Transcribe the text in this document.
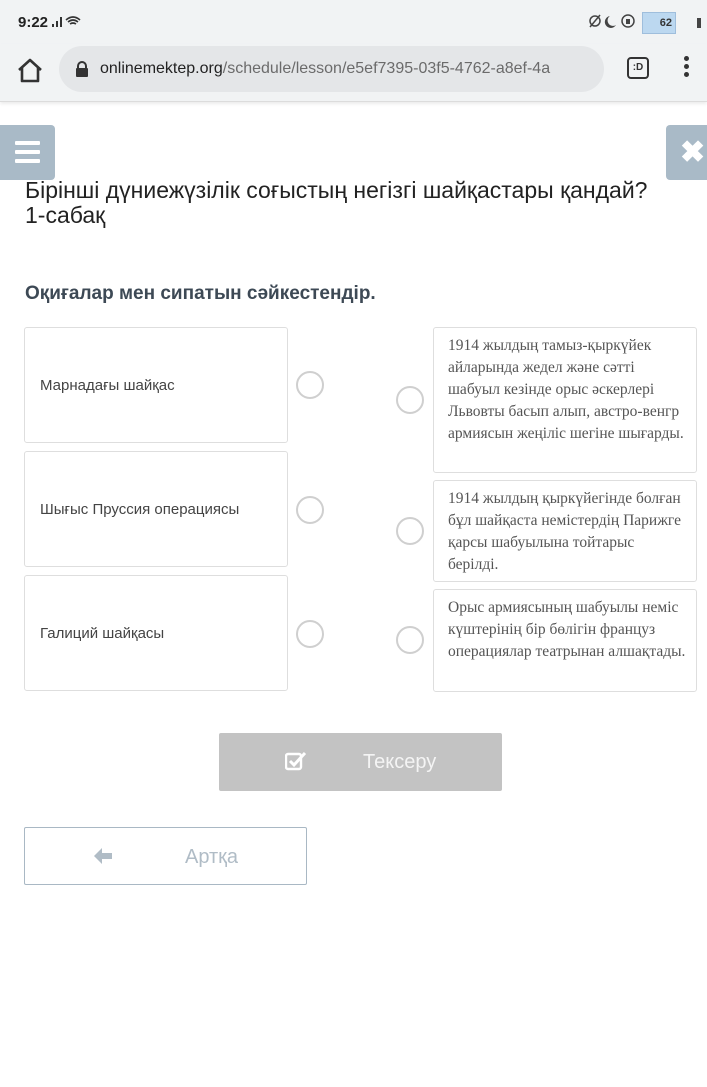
9:22	62
onlinemektep.org/schedule/lesson/e5ef7395-03f5-4762-a8ef-4a	:D
✖
Бірінші дүниежүзілік соғыстың негізгі шайқастары қандай? 1-сабақ
Оқиғалар мен сипатын сәйкестендір.
Марнадағы шайқас
Шығыс Пруссия операциясы
Галиций шайқасы
1914 жылдың тамыз-қыркүйек айларында жедел және сәтті шабуыл кезінде орыс әскерлері Львовты басып алып, австро-венгр армиясын жеңіліс шегіне шығарды.
1914 жылдың қыркүйегінде болған бұл шайқаста немістердің Парижге қарсы шабуылына тойтарыс берілді.
Орыс армиясының шабуылы неміс күштерінің бір бөлігін француз операциялар театрынан алшақтады.
Тексеру
Артқа
